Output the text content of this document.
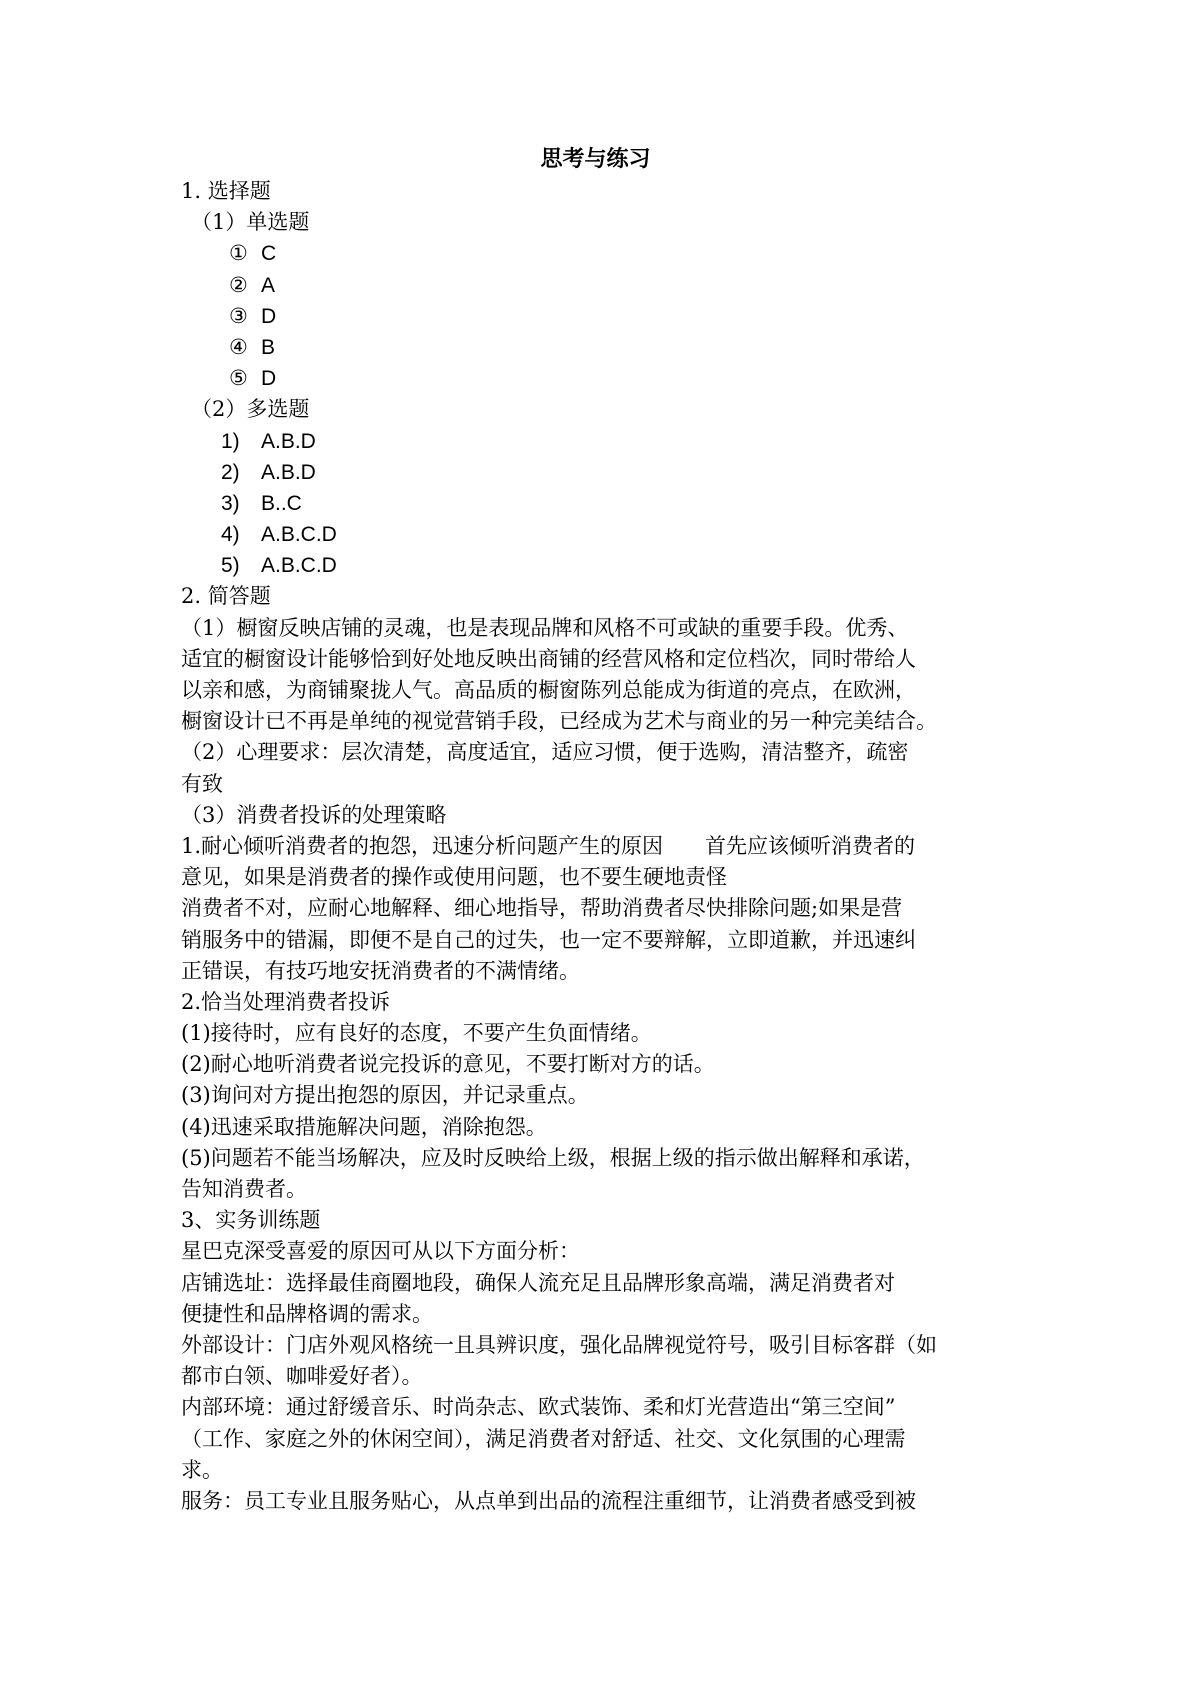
思考与练习
1. 选择题
（1）单选题
① C
② A
③ D
④ B
⑤ D
（2）多选题
1) A.B.D
2) A.B.D
3) B..C
4) A.B.C.D
5) A.B.C.D
2. 简答题
（1）橱窗反映店铺的灵魂，也是表现品牌和风格不可或缺的重要手段。优秀、
适宜的橱窗设计能够恰到好处地反映出商铺的经营风格和定位档次，同时带给人
以亲和感，为商铺聚拢人气。高品质的橱窗陈列总能成为街道的亮点，在欧洲，
橱窗设计已不再是单纯的视觉营销手段，已经成为艺术与商业的另一种完美结合。
（2）心理要求：层次清楚，高度适宜，适应习惯，便于选购，清洁整齐，疏密
有致
（3）消费者投诉的处理策略
1.耐心倾听消费者的抱怨，迅速分析问题产生的原因　　首先应该倾听消费者的
意见，如果是消费者的操作或使用问题，也不要生硬地责怪
消费者不对，应耐心地解释、细心地指导，帮助消费者尽快排除问题;如果是营
销服务中的错漏，即便不是自己的过失，也一定不要辩解，立即道歉，并迅速纠
正错误，有技巧地安抚消费者的不满情绪。
2.恰当处理消费者投诉
(1)接待时，应有良好的态度，不要产生负面情绪。
(2)耐心地听消费者说完投诉的意见，不要打断对方的话。
(3)询问对方提出抱怨的原因，并记录重点。
(4)迅速采取措施解决问题，消除抱怨。
(5)问题若不能当场解决，应及时反映给上级，根据上级的指示做出解释和承诺，
告知消费者。
3、实务训练题
星巴克深受喜爱的原因可从以下方面分析：
店铺选址：选择最佳商圈地段，确保人流充足且品牌形象高端，满足消费者对
便捷性和品牌格调的需求。
外部设计：门店外观风格统一且具辨识度，强化品牌视觉符号，吸引目标客群（如
都市白领、咖啡爱好者）。
内部环境：通过舒缓音乐、时尚杂志、欧式装饰、柔和灯光营造出“第三空间”
（工作、家庭之外的休闲空间），满足消费者对舒适、社交、文化氛围的心理需
求。
服务：员工专业且服务贴心，从点单到出品的流程注重细节，让消费者感受到被
